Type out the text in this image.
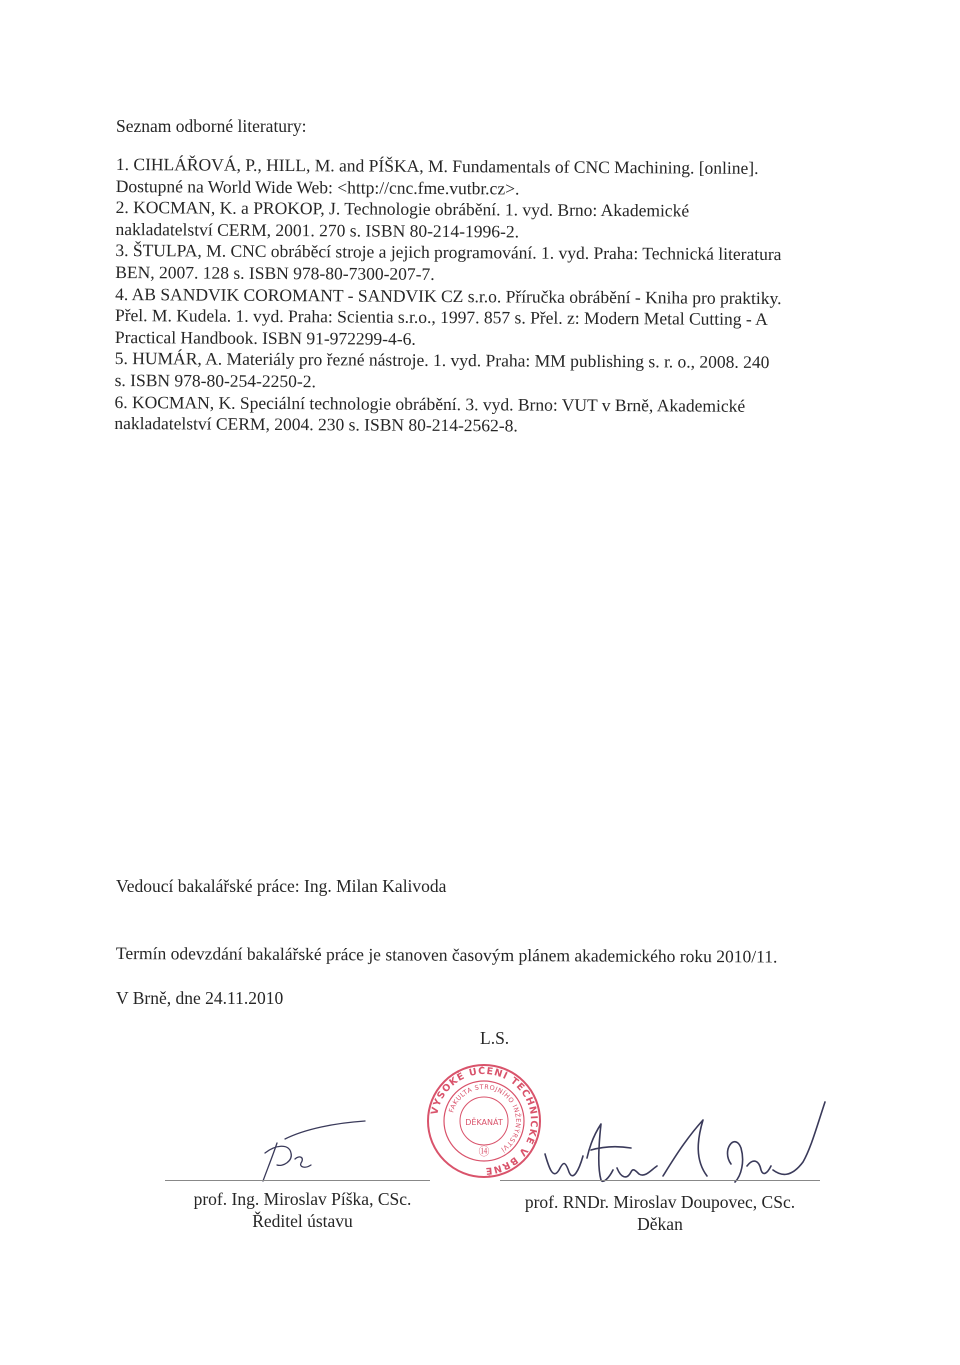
Seznam odborné literatury:
1. CIHLÁŘOVÁ, P., HILL, M. and PÍŠKA, M. Fundamentals of CNC Machining. [online].
Dostupné na World Wide Web: <http://cnc.fme.vutbr.cz>.
2. KOCMAN, K. a PROKOP, J. Technologie obrábění. 1. vyd. Brno: Akademické
nakladatelství CERM, 2001. 270 s. ISBN 80-214-1996-2.
3. ŠTULPA, M. CNC obráběcí stroje a jejich programování. 1. vyd. Praha: Technická literatura
BEN, 2007. 128 s. ISBN 978-80-7300-207-7.
4. AB SANDVIK COROMANT - SANDVIK CZ s.r.o. Příručka obrábění - Kniha pro praktiky.
Přel. M. Kudela. 1. vyd. Praha: Scientia s.r.o., 1997. 857 s. Přel. z: Modern Metal Cutting - A
Practical Handbook. ISBN 91-972299-4-6.
5. HUMÁR, A. Materiály pro řezné nástroje. 1. vyd. Praha: MM publishing s. r. o., 2008. 240
s. ISBN 978-80-254-2250-2.
6. KOCMAN, K. Speciální technologie obrábění. 3. vyd. Brno: VUT v Brně, Akademické
nakladatelství CERM, 2004. 230 s. ISBN 80-214-2562-8.
Vedoucí bakalářské práce: Ing. Milan Kalivoda
Termín odevzdání bakalářské práce je stanoven časovým plánem akademického roku 2010/11.
V Brně, dne 24.11.2010
L.S.
VYSOKÉ UČENÍ TECHNICKÉ V BRNĚ
FAKULTA STROJNÍHO INŽENÝRSTVÍ
DĚKANÁT
⑭
prof. Ing. Miroslav Píška, CSc.
Ředitel ústavu
prof. RNDr. Miroslav Doupovec, CSc.
Děkan
